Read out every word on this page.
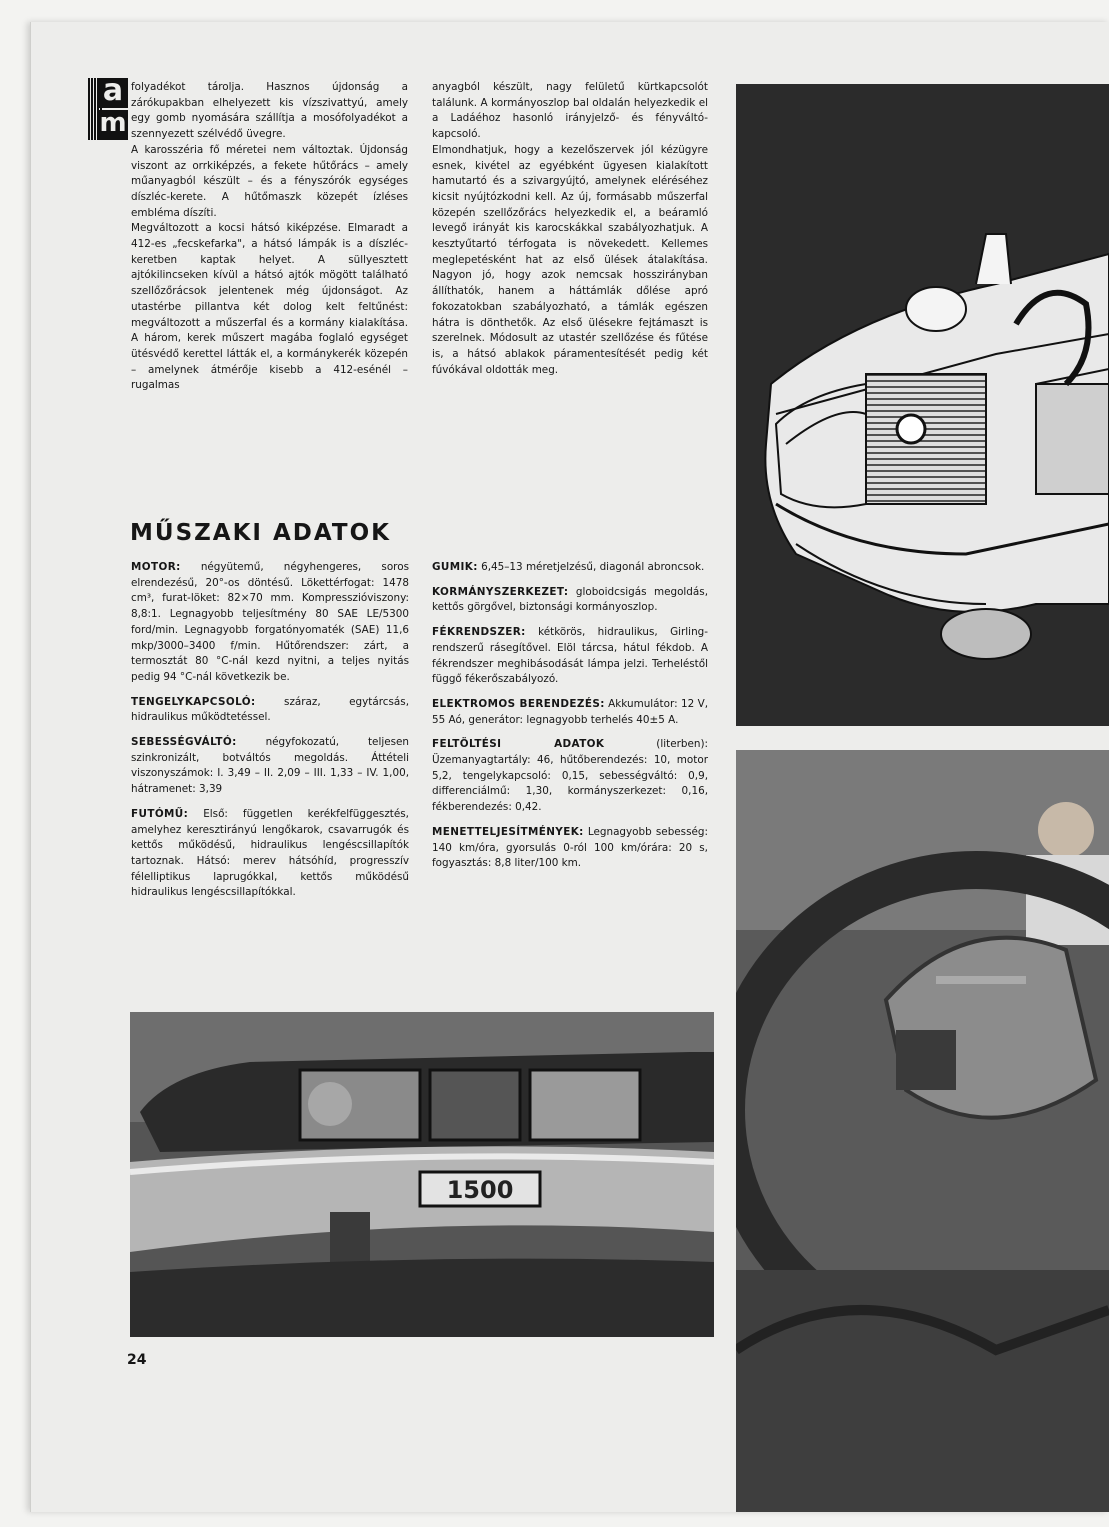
a
m

folyadékot tárolja. Hasznos újdonság a zárókupakban elhelyezett kis vízszivattyú, amely egy gomb nyomására szállítja a mosófolyadékot a szennyezett szélvédő üvegre.

A karosszéria fő méretei nem változtak. Újdonság viszont az orrkiképzés, a fekete hűtőrács – amely műanyagból készült – és a fényszórók egységes díszléc-kerete. A hűtőmaszk közepét ízléses embléma díszíti.

Megváltozott a kocsi hátsó kiképzése. Elmaradt a 412-es „fecskefarka", a hátsó lámpák is a díszléc-keretben kaptak helyet. A süllyesztett ajtókilincseken kívül a hátsó ajtók mögött található szellőzőrácsok jelentenek még újdonságot. Az utastérbe pillantva két dolog kelt feltűnést: megváltozott a műszerfal és a kormány kialakítása. A három, kerek műszert magába foglaló egységet ütésvédő kerettel látták el, a kormánykerék közepén – amelynek átmérője kisebb a 412-esénél – rugalmas

anyagból készült, nagy felületű kürtkapcsolót találunk. A kormányoszlop bal oldalán helyezkedik el a Ladáéhoz hasonló irányjelző- és fényváltó-kapcsoló.

Elmondhatjuk, hogy a kezelőszervek jól kézügyre esnek, kivétel az egyébként ügyesen kialakított hamutartó és a szivargyújtó, amelynek eléréséhez kicsit nyújtózkodni kell. Az új, formásabb műszerfal közepén szellőzőrács helyezkedik el, a beáramló levegő irányát kis karocskákkal szabályozhatjuk. A kesztyűtartó térfogata is növekedett. Kellemes meglepetésként hat az első ülések átalakítása. Nagyon jó, hogy azok nemcsak hosszirányban állíthatók, hanem a háttámlák dőlése apró fokozatokban szabályozható, a támlák egészen hátra is dönthetők. Az első ülésekre fejtámaszt is szerelnek. Módosult az utastér szellőzése és fűtése is, a hátsó ablakok páramentesítését pedig két fúvókával oldották meg.

MŰSZAKI ADATOK

MOTOR: négyütemű, négyhengeres, soros elrendezésű, 20°-os döntésű. Lökettérfogat: 1478 cm³, furat-löket: 82×70 mm. Kompresszióviszony: 8,8:1. Legnagyobb teljesítmény 80 SAE LE/5300 ford/min. Legnagyobb forgatónyomaték (SAE) 11,6 mkp/3000–3400 f/min. Hűtőrendszer: zárt, a termosztát 80 °C-nál kezd nyitni, a teljes nyitás pedig 94 °C-nál következik be.

TENGELYKAPCSOLÓ: száraz, egytárcsás, hidraulikus működtetéssel.

SEBESSÉGVÁLTÓ: négyfokozatú, teljesen szinkronizált, botváltós megoldás. Áttételi viszonyszámok: I. 3,49 – II. 2,09 – III. 1,33 – IV. 1,00, hátramenet: 3,39

FUTÓMŰ: Első: független kerékfelfüggesztés, amelyhez keresztirányú lengőkarok, csavarrugók és kettős működésű, hidraulikus lengéscsillapítók tartoznak. Hátsó: merev hátsóhíd, progresszív félelliptikus laprugókkal, kettős működésű hidraulikus lengéscsillapítókkal.

GUMIK: 6,45–13 méretjelzésű, diagonál abroncsok.

KORMÁNYSZERKEZET: globoidcsigás megoldás, kettős görgővel, biztonsági kormányoszlop.

FÉKRENDSZER: kétkörös, hidraulikus, Girling-rendszerű rásegítővel. Elöl tárcsa, hátul fékdob. A fékrendszer meghibásodását lámpa jelzi. Terheléstől függő fékerőszabályozó.

ELEKTROMOS BERENDEZÉS: Akkumulátor: 12 V, 55 Aó, generátor: legnagyobb terhelés 40±5 A.

FELTÖLTÉSI ADATOK (literben): Üzemanyagtartály: 46, hűtőberendezés: 10, motor 5,2, tengelykapcsoló: 0,15, sebességváltó: 0,9, differenciálmű: 1,30, kormányszerkezet: 0,16, fékberendezés: 0,42.

MENETTELJESÍTMÉNYEK: Legnagyobb sebesség: 140 km/óra, gyorsulás 0-ról 100 km/órára: 20 s, fogyasztás: 8,8 liter/100 km.

1500
24
